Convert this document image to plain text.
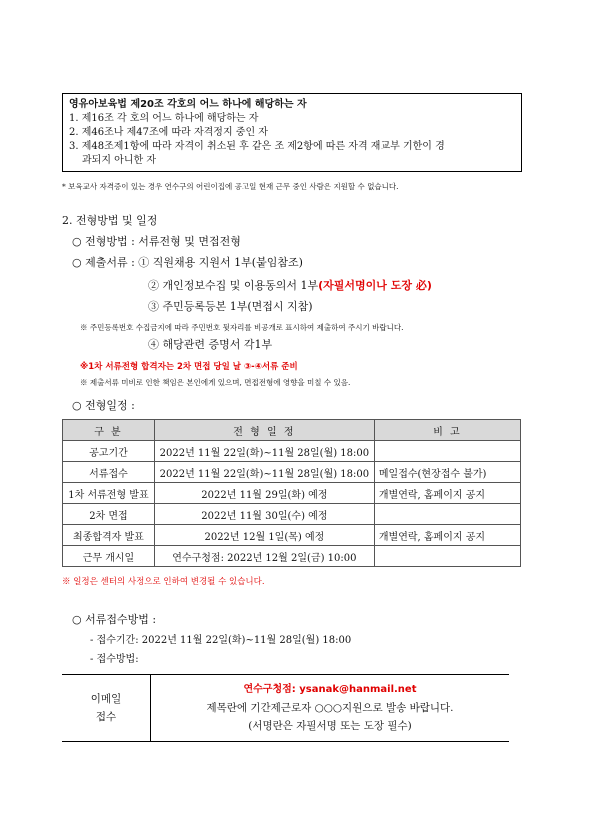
영유아보육법 제20조 각호의 어느 하나에 해당하는 자
1. 제16조 각 호의 어느 하나에 해당하는 자
2. 제46조나 제47조에 따라 자격정지 중인 자
3. 제48조제1항에 따라 자격이 취소된 후 같은 조 제2항에 따른 자격 재교부 기한이 경
과되지 아니한 자
* 보육교사 자격증이 있는 경우 연수구의 어린이집에 공고일 현재 근무 중인 사람은 지원할 수 없습니다.
2. 전형방법 및 일정
○ 전형방법 : 서류전형 및 면접전형
○ 제출서류 : ① 직원채용 지원서 1부(붙임참조)
② 개인정보수집 및 이용동의서 1부(자필서명이나 도장 必)
③ 주민등록등본 1부(면접시 지참)
※ 주민등록번호 수집금지에 따라 주민번호 뒷자리를 비공개로 표시하여 제출하여 주시기 바랍니다.
④ 해당관련 증명서 각1부
※1차 서류전형 합격자는 2차 면접 당일 날 ③-④서류 준비
※ 제출서류 미비로 인한 책임은 본인에게 있으며, 면접전형에 영향을 미칠 수 있음.
○ 전형일정 :
구 분	전 형 일 정	비 고
공고기간	2022년 11월 22일(화)~11월 28일(월) 18:00	
서류접수	2022년 11월 22일(화)~11월 28일(월) 18:00	메일접수(현장접수 불가)
1차 서류전형 발표	2022년 11월 29일(화) 예정	개별연락, 홈페이지 공지
2차 면접	2022년 11월 30일(수) 예정	
최종합격자 발표	2022년 12월 1일(목) 예정	개별연락, 홈페이지 공지
근무 개시일	연수구청점: 2022년 12월 2일(금) 10:00	
※ 일정은 센터의 사정으로 인하여 변경될 수 있습니다.
○ 서류접수방법 :
- 접수기간: 2022년 11월 22일(화)~11월 28일(월) 18:00
- 접수방법:
이메일
접수

연수구청점: ysanak@hanmail.net
제목란에 기간제근로자 ○○○지원으로 발송 바랍니다.
(서명란은 자필서명 또는 도장 필수)
